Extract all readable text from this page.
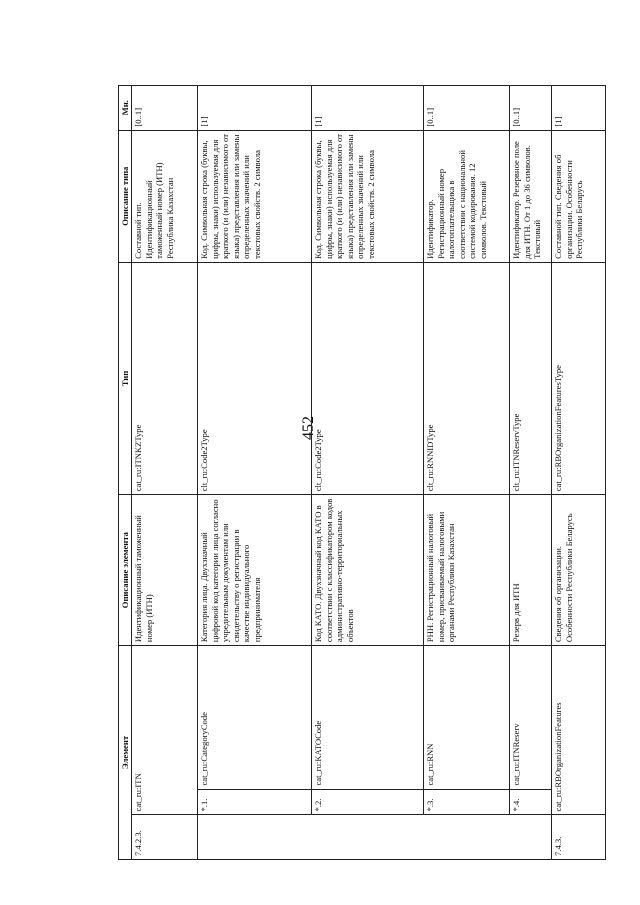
452
Элемент			Описание элемента	Тип	Описание типа	Мн.
7.4.2.3.	cat_ru:ITN		Идентификационный таможенный номер (ИТН)	cat_ru:ITNKZType	Составной тип. Идентификационный таможенный номер (ИТН) Республика Казахстан	[0..1]
	*.1.	cat_ru:CategoryCode	Категория лица. Двухзначный цифровой код категории лица согласно учредительным документам или свидетельству о регистрации в качестве индивидуального предпринимателя	clt_ru:Code2Type	Код. Символьная строка (буквы, цифры, знаки) используемая для краткого (и (или) независимого от языка) представления или замены определенных значений или текстовых свойств. 2 символа	[1]
	*.2.	cat_ru:KATOCode	Код КАТО. Двухзначный код КАТО в соответствии с классификатором кодов административно-территориальных объектов	clt_ru:Code2Type	Код. Символьная строка (буквы, цифры, знаки) используемая для краткого (и (или) независимого от языка) представления или замены определенных значений или текстовых свойств. 2 символа	[1]
	*.3.	cat_ru:RNN	РНН. Регистрационный налоговый номер, присваиваемый налоговыми органами Республики Казахстан	clt_ru:RNNIDType	Идентификатор. Регистрационный номер налогоплательщика в соответствии с национальной системой кодирования. 12 символов. Текстовый	[0..1]
	*.4.	cat_ru:ITNReserv	Резерв для ИТН	clt_ru:ITNReservType	Идентификатор. Резервное поле для ИТН. От 1 до 36 символов. Текстовый	[0..1]
7.4.3.	cat_ru:RBOrganizationFeatures		Сведения об организации. Особенности Республики Беларусь	cat_ru:RBOrganizationFeaturesType	Составной тип. Сведения об организации. Особенности Республики Беларусь	[1]
